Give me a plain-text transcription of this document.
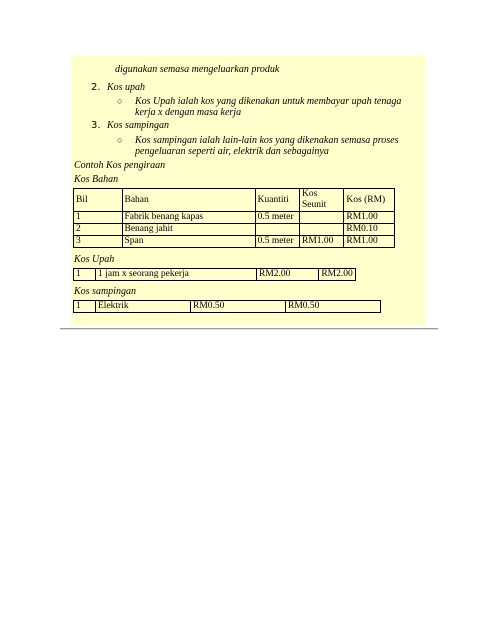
digunakan semasa mengeluarkan produk
2. Kos upah
○ Kos Upah ialah kos yang dikenakan untuk membayar upah tenaga
kerja x dengan masa kerja
3. Kos sampingan
○ Kos sampingan ialah lain-lain kos yang dikenakan semasa proses
pengeluaran seperti air, elektrik dan sebagainya
Contoh Kos pengiraan
Kos Bahan
Bil	Bahan	Kuantiti	Kos Seunit	Kos (RM)
1	Fabrik benang kapas	0.5 meter		RM1.00
2	Benang jahit			RM0.10
3	Span	0.5 meter	RM1.00	RM1.00
Kos Upah
1	1 jam x seorang pekerja	RM2.00	RM2.00
Kos sampingan
1	Elektrik	RM0.50	RM0.50
